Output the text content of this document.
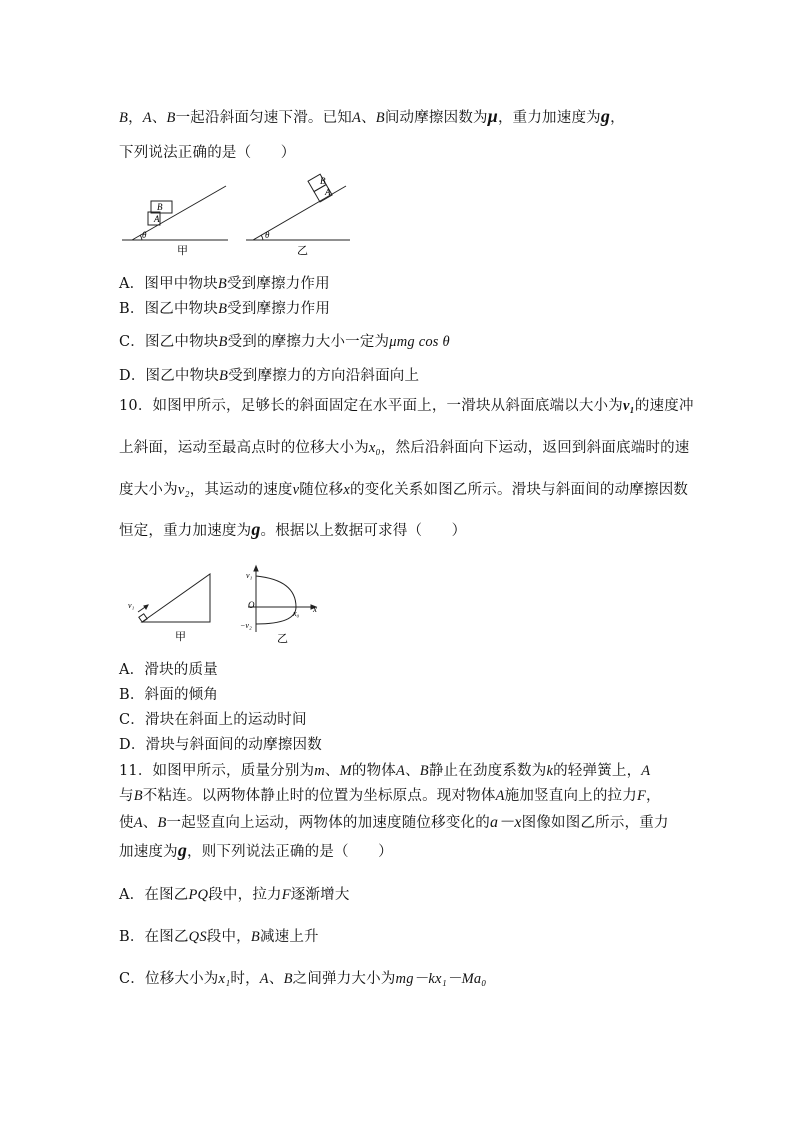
B，A、B一起沿斜面匀速下滑。已知A、B间动摩擦因数为μ，重力加速度为g，
下列说法正确的是（　　）
A
B
θ
甲
B
A
θ
乙
A．图甲中物块B受到摩擦力作用
B．图乙中物块B受到摩擦力作用
C．图乙中物块B受到的摩擦力大小一定为μmg cos θ
D．图乙中物块B受到摩擦力的方向沿斜面向上
10．如图甲所示，足够长的斜面固定在水平面上，一滑块从斜面底端以大小为v₁的速度冲
上斜面，运动至最高点时的位移大小为x₀，然后沿斜面向下运动，返回到斜面底端时的速
度大小为v₂，其运动的速度v随位移x的变化关系如图乙所示。滑块与斜面间的动摩擦因数
恒定，重力加速度为g。根据以上数据可求得（　　）
v₁
甲
v₁
O	x
x₀
−v₂
乙
A．滑块的质量
B．斜面的倾角
C．滑块在斜面上的运动时间
D．滑块与斜面间的动摩擦因数
11．如图甲所示，质量分别为m、M的物体A、B静止在劲度系数为k的轻弹簧上，A
与B不粘连。以两物体静止时的位置为坐标原点。现对物体A施加竖直向上的拉力F，
使A、B一起竖直向上运动，两物体的加速度随位移变化的a－x图像如图乙所示，重力
加速度为g，则下列说法正确的是（　　）
A．在图乙PQ段中，拉力F逐渐增大
B．在图乙QS段中，B减速上升
C．位移大小为x₁时，A、B之间弹力大小为mg－kx₁－Ma₀
